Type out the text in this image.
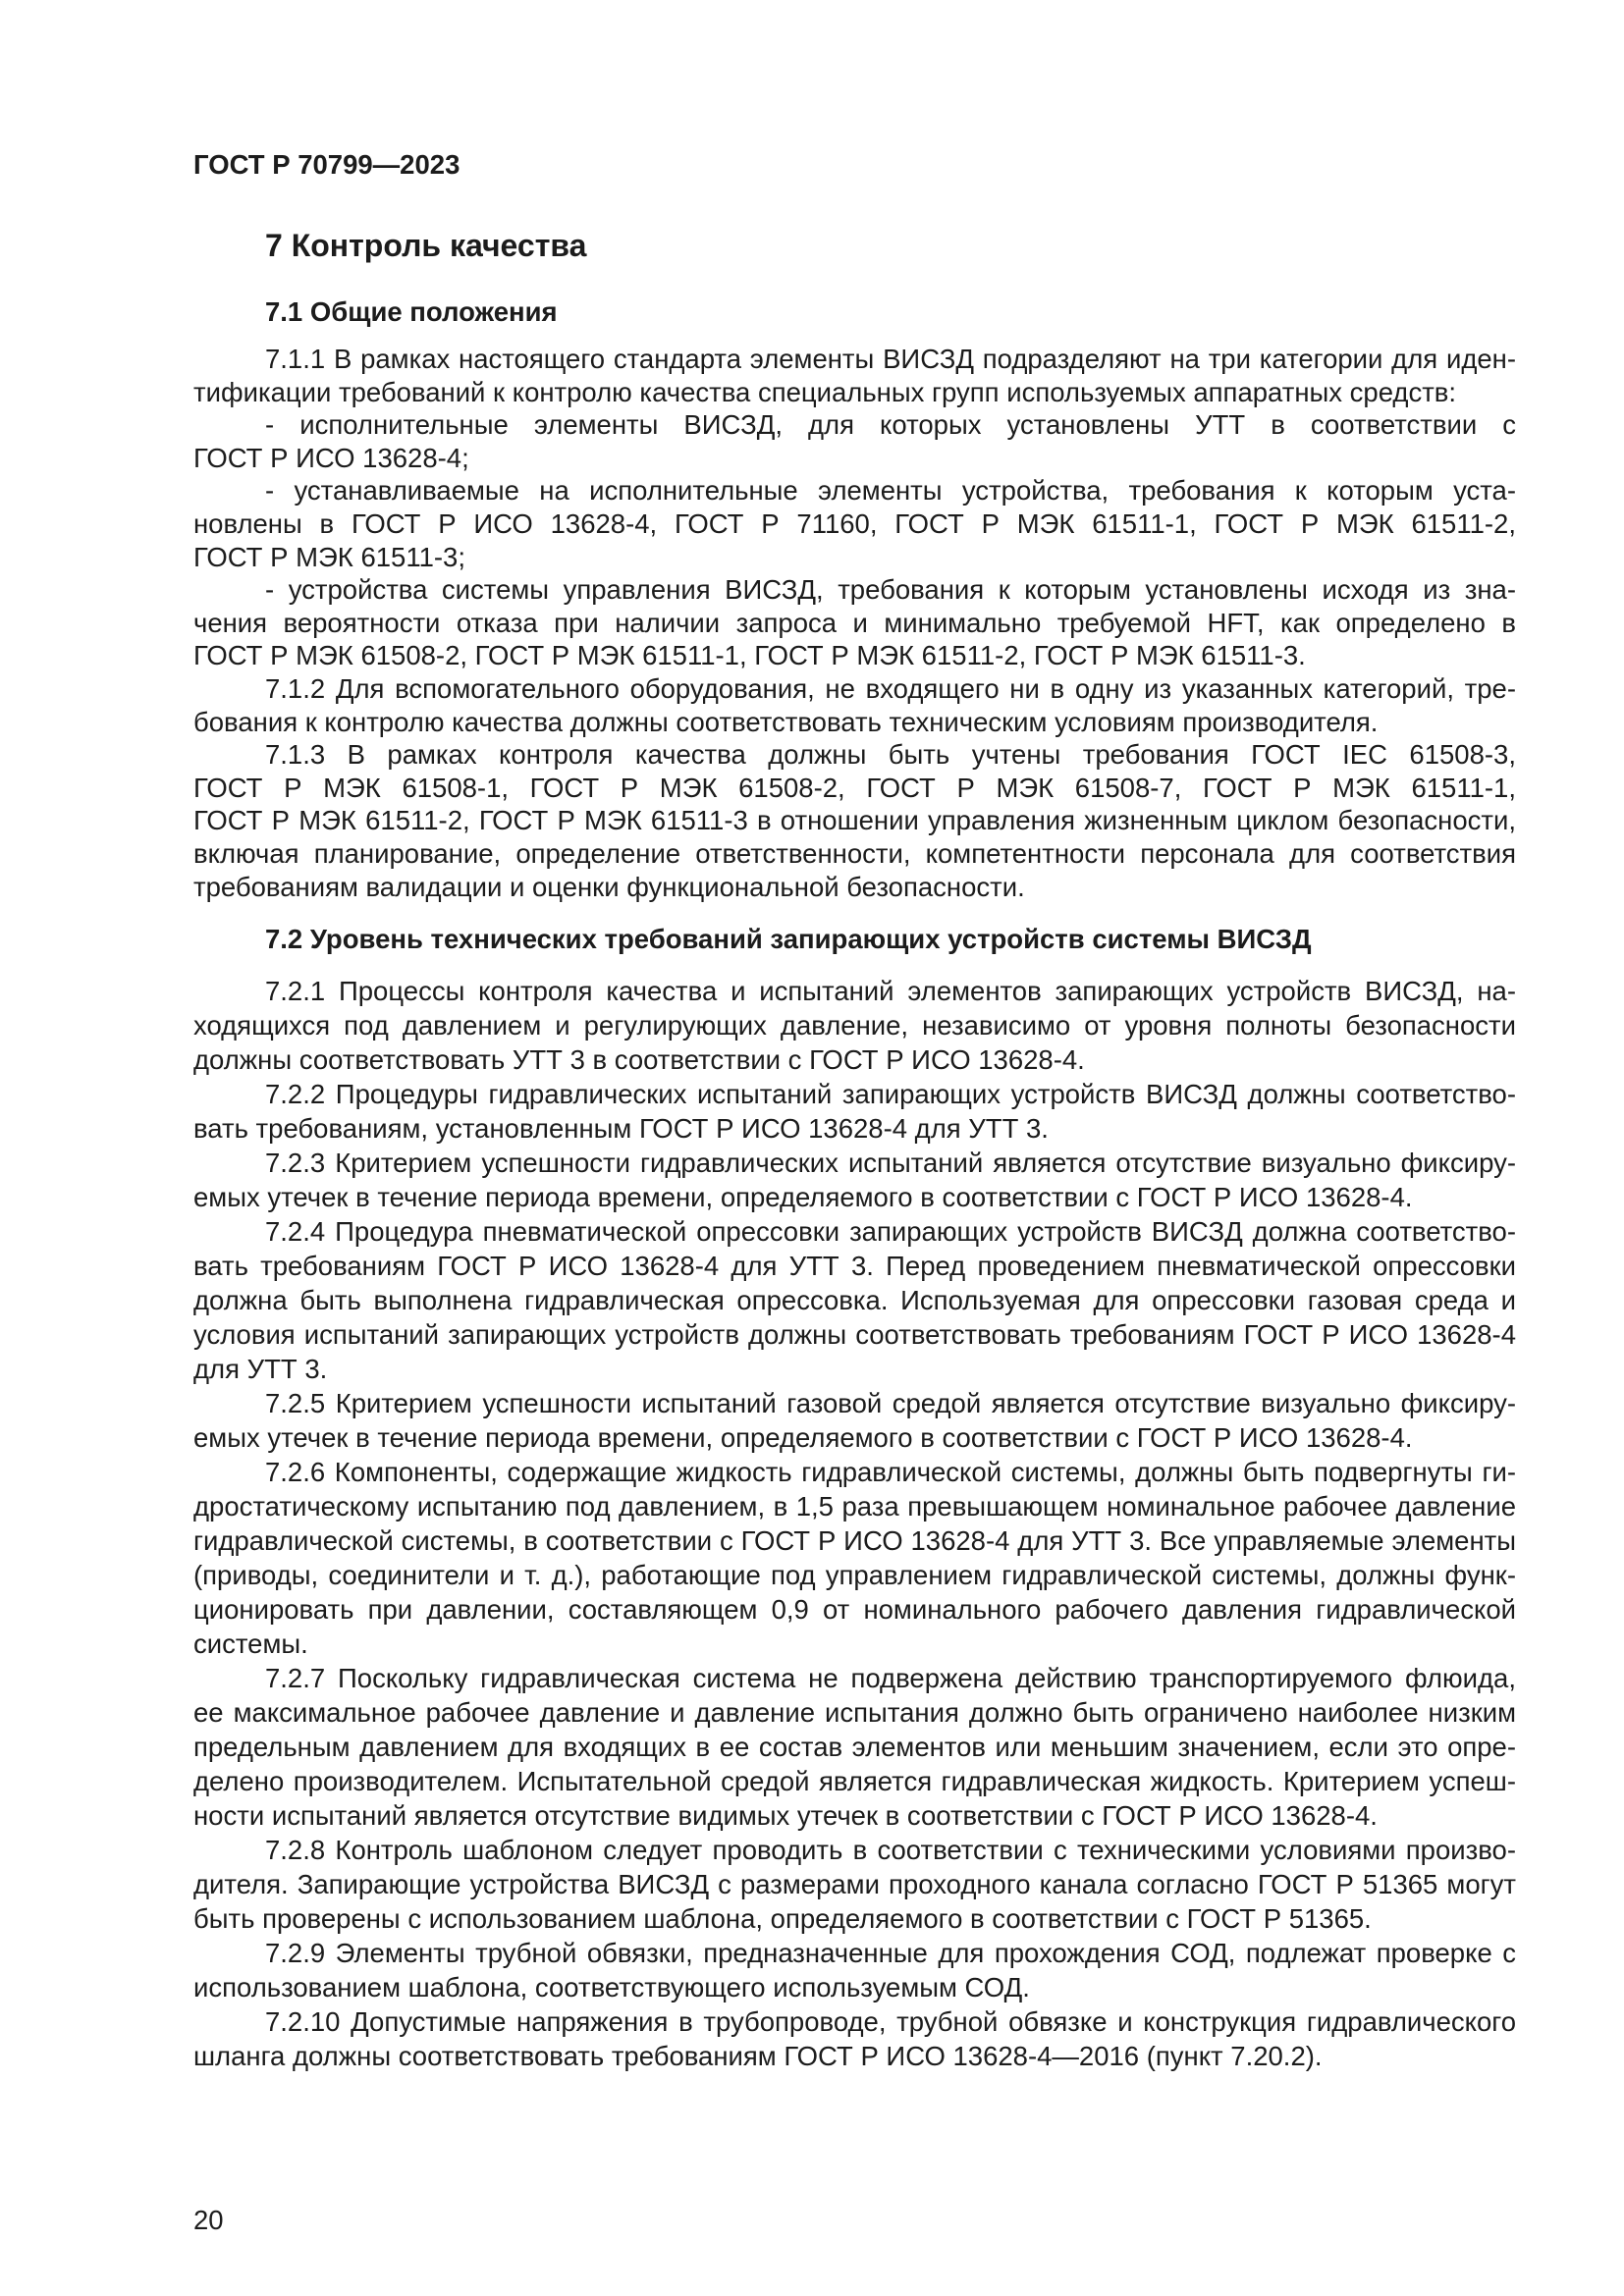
ГОСТ Р 70799—2023
7 Контроль качества
7.1 Общие положения
7.1.1 В рамках настоящего стандарта элементы ВИСЗД подразделяют на три категории для иден-
тификации требований к контролю качества специальных групп используемых аппаратных средств:
- исполнительные элементы ВИСЗД, для которых установлены УТТ в соответствии с
ГОСТ Р ИСО 13628-4;
- устанавливаемые на исполнительные элементы устройства, требования к которым уста-
новлены в ГОСТ Р ИСО 13628-4, ГОСТ Р 71160, ГОСТ Р МЭК 61511-1, ГОСТ Р МЭК 61511-2,
ГОСТ Р МЭК 61511-3;
- устройства системы управления ВИСЗД, требования к которым установлены исходя из зна-
чения вероятности отказа при наличии запроса и минимально требуемой HFT, как определено в
ГОСТ Р МЭК 61508-2, ГОСТ Р МЭК 61511-1, ГОСТ Р МЭК 61511-2, ГОСТ Р МЭК 61511-3.
7.1.2 Для вспомогательного оборудования, не входящего ни в одну из указанных категорий, тре-
бования к контролю качества должны соответствовать техническим условиям производителя.
7.1.3 В рамках контроля качества должны быть учтены требования ГОСТ IEC 61508-3,
ГОСТ Р МЭК 61508-1, ГОСТ Р МЭК 61508-2, ГОСТ Р МЭК 61508-7, ГОСТ Р МЭК 61511-1,
ГОСТ Р МЭК 61511-2, ГОСТ Р МЭК 61511-3 в отношении управления жизненным циклом безопасности,
включая планирование, определение ответственности, компетентности персонала для соответствия
требованиям валидации и оценки функциональной безопасности.
7.2 Уровень технических требований запирающих устройств системы ВИСЗД
7.2.1 Процессы контроля качества и испытаний элементов запирающих устройств ВИСЗД, на-
ходящихся под давлением и регулирующих давление, независимо от уровня полноты безопасности
должны соответствовать УТТ 3 в соответствии с ГОСТ Р ИСО 13628-4.
7.2.2 Процедуры гидравлических испытаний запирающих устройств ВИСЗД должны соответство-
вать требованиям, установленным ГОСТ Р ИСО 13628-4 для УТТ 3.
7.2.3 Критерием успешности гидравлических испытаний является отсутствие визуально фиксиру-
емых утечек в течение периода времени, определяемого в соответствии с ГОСТ Р ИСО 13628-4.
7.2.4 Процедура пневматической опрессовки запирающих устройств ВИСЗД должна соответство-
вать требованиям ГОСТ Р ИСО 13628-4 для УТТ 3. Перед проведением пневматической опрессовки
должна быть выполнена гидравлическая опрессовка. Используемая для опрессовки газовая среда и
условия испытаний запирающих устройств должны соответствовать требованиям ГОСТ Р ИСО 13628-4
для УТТ 3.
7.2.5 Критерием успешности испытаний газовой средой является отсутствие визуально фиксиру-
емых утечек в течение периода времени, определяемого в соответствии с ГОСТ Р ИСО 13628-4.
7.2.6 Компоненты, содержащие жидкость гидравлической системы, должны быть подвергнуты ги-
дростатическому испытанию под давлением, в 1,5 раза превышающем номинальное рабочее давление
гидравлической системы, в соответствии с ГОСТ Р ИСО 13628-4 для УТТ 3. Все управляемые элементы
(приводы, соединители и т. д.), работающие под управлением гидравлической системы, должны функ-
ционировать при давлении, составляющем 0,9 от номинального рабочего давления гидравлической
системы.
7.2.7 Поскольку гидравлическая система не подвержена действию транспортируемого флюида,
ее максимальное рабочее давление и давление испытания должно быть ограничено наиболее низким
предельным давлением для входящих в ее состав элементов или меньшим значением, если это опре-
делено производителем. Испытательной средой является гидравлическая жидкость. Критерием успеш-
ности испытаний является отсутствие видимых утечек в соответствии с ГОСТ Р ИСО 13628-4.
7.2.8 Контроль шаблоном следует проводить в соответствии с техническими условиями произво-
дителя. Запирающие устройства ВИСЗД с размерами проходного канала согласно ГОСТ Р 51365 могут
быть проверены с использованием шаблона, определяемого в соответствии с ГОСТ Р 51365.
7.2.9 Элементы трубной обвязки, предназначенные для прохождения СОД, подлежат проверке с
использованием шаблона, соответствующего используемым СОД.
7.2.10 Допустимые напряжения в трубопроводе, трубной обвязке и конструкция гидравлического
шланга должны соответствовать требованиям ГОСТ Р ИСО 13628-4—2016 (пункт 7.20.2).
20
